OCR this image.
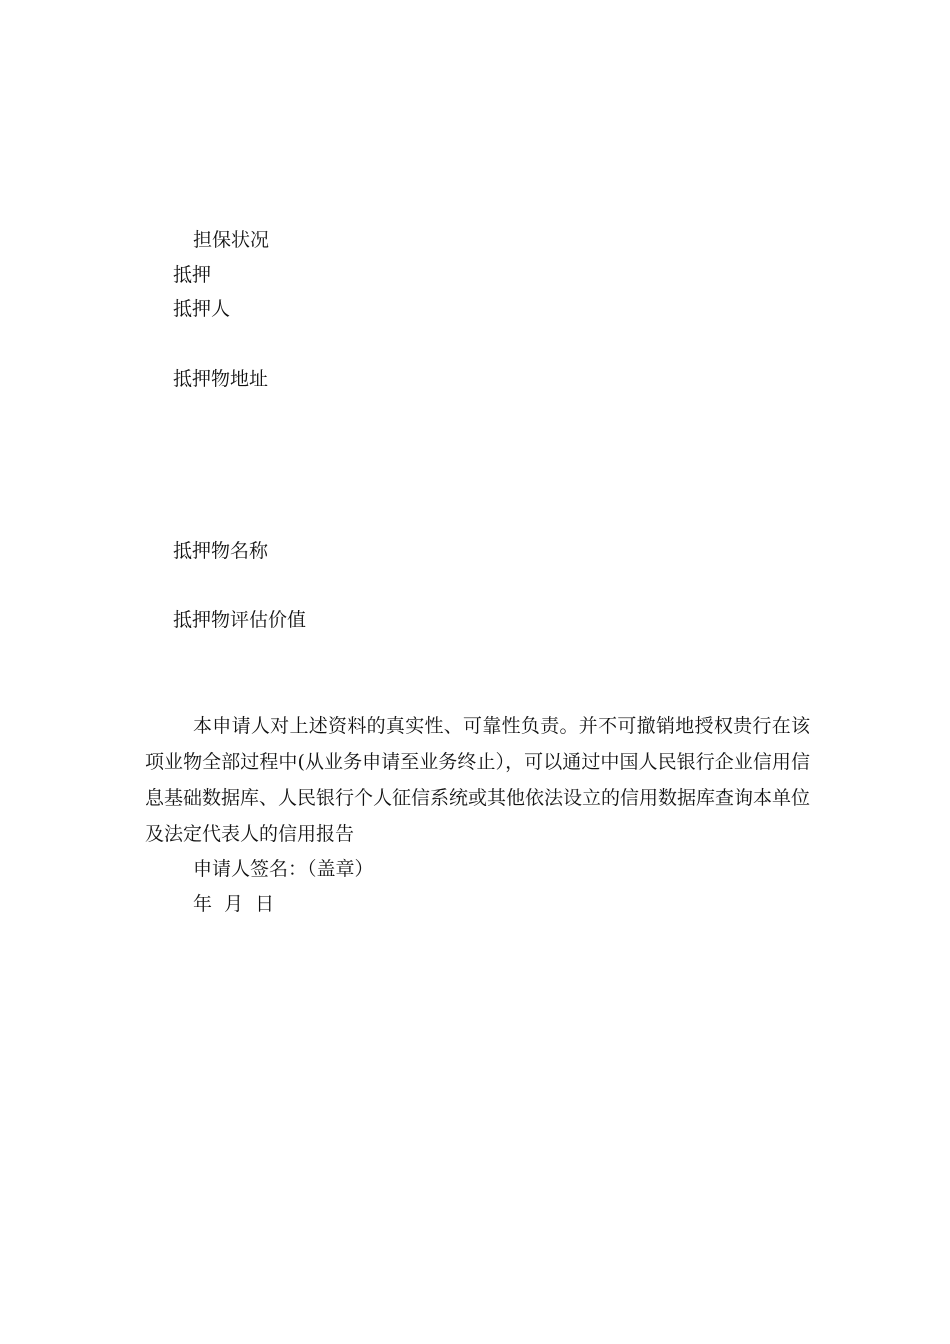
担保状况
抵押
抵押人
抵押物地址
抵押物名称
抵押物评估价值
本申请人对上述资料的真实性、可靠性负责。并不可撤销地授权贵行在该项业物全部过程中(从业务申请至业务终止），可以通过中国人民银行企业信用信息基础数据库、人民银行个人征信系统或其他依法设立的信用数据库查询本单位及法定代表人的信用报告
申请人签名：（盖章）
年  月  日
